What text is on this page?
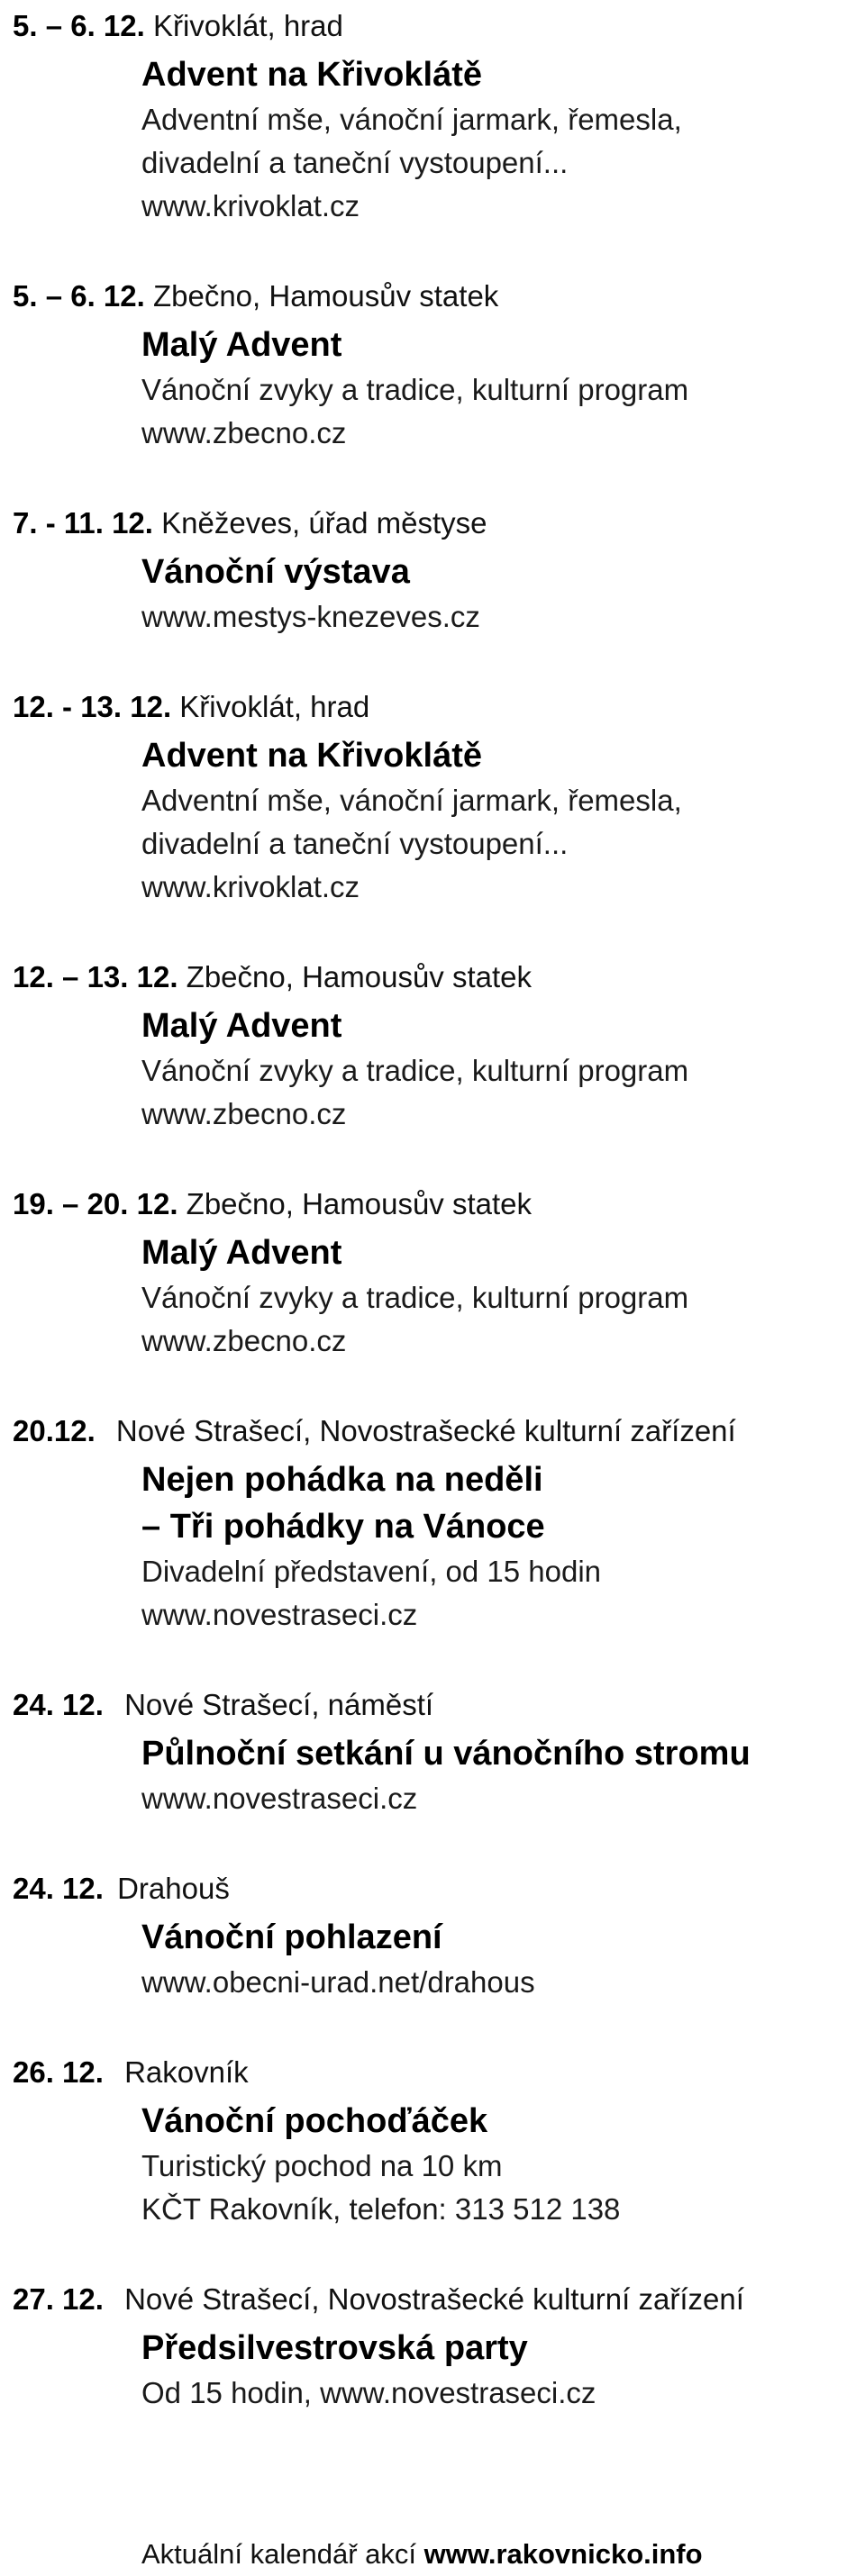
5. – 6. 12. Křivoklát, hrad
Advent na Křivoklátě
Adventní mše, vánoční jarmark, řemesla,
divadelní a taneční vystoupení...
www.krivoklat.cz
5. – 6. 12. Zbečno, Hamousův statek
Malý Advent
Vánoční zvyky a tradice, kulturní program
www.zbecno.cz
7. - 11. 12. Kněževes, úřad městyse
Vánoční výstava
www.mestys-knezeves.cz
12. - 13. 12. Křivoklát, hrad
Advent na Křivoklátě
Adventní mše, vánoční jarmark, řemesla,
divadelní a taneční vystoupení...
www.krivoklat.cz
12. – 13. 12. Zbečno, Hamousův statek
Malý Advent
Vánoční zvyky a tradice, kulturní program
www.zbecno.cz
19. – 20. 12. Zbečno, Hamousův statek
Malý Advent
Vánoční zvyky a tradice, kulturní program
www.zbecno.cz
20.12. Nové Strašecí, Novostrašecké kulturní zařízení
Nejen pohádka na neděli
– Tři pohádky na Vánoce
Divadelní představení, od 15 hodin
www.novestraseci.cz
24. 12. Nové Strašecí, náměstí
Půlnoční setkání u vánočního stromu
www.novestraseci.cz
24. 12. Drahouš
Vánoční pohlazení
www.obecni-urad.net/drahous
26. 12. Rakovník
Vánoční pochoďáček
Turistický pochod na 10 km
KČT Rakovník, telefon: 313 512 138
27. 12. Nové Strašecí, Novostrašecké kulturní zařízení
Předsilvestrovská party
Od 15 hodin, www.novestraseci.cz
Aktuální kalendář akcí www.rakovnicko.info
